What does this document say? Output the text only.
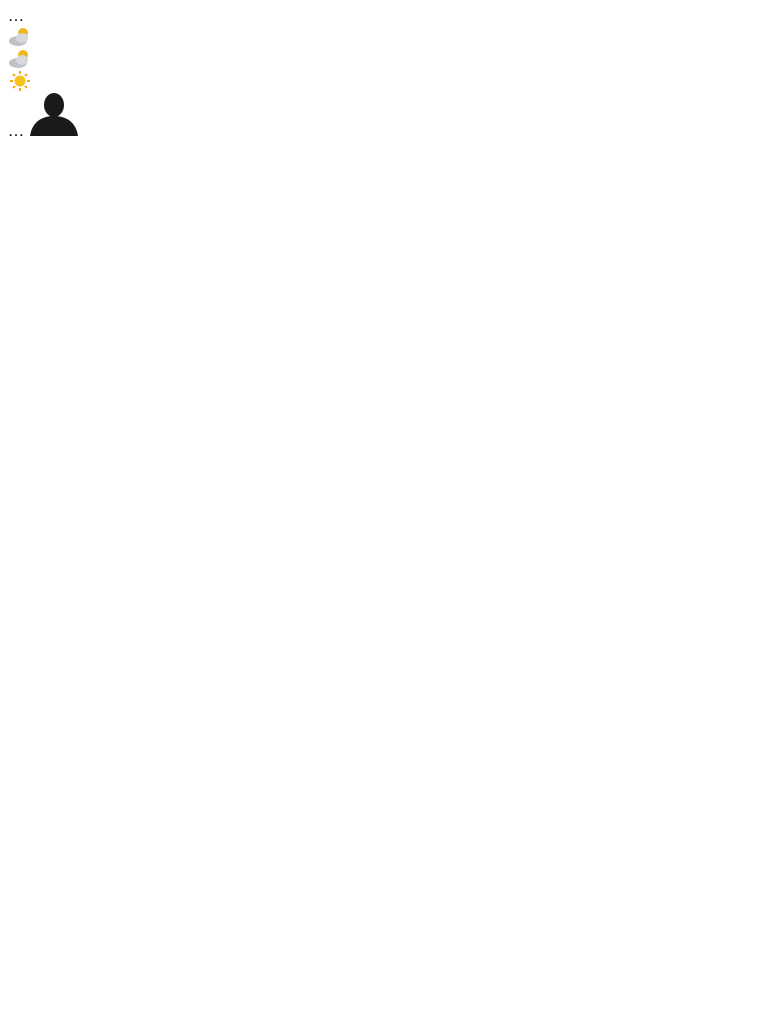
…
…
